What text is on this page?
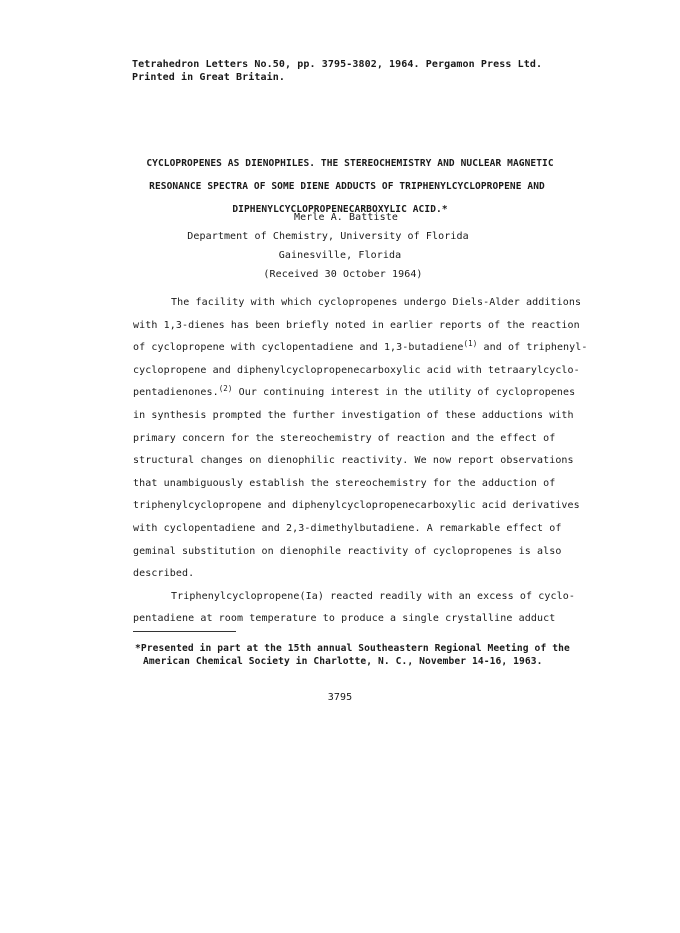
Tetrahedron Letters No.50, pp. 3795-3802, 1964. Pergamon Press Ltd.
Printed in Great Britain.
CYCLOPROPENES AS DIENOPHILES. THE STEREOCHEMISTRY AND NUCLEAR MAGNETIC
RESONANCE SPECTRA OF SOME DIENE ADDUCTS OF TRIPHENYLCYCLOPROPENE AND
DIPHENYLCYCLOPROPENECARBOXYLIC ACID.*
Merle A. Battiste
Department of Chemistry, University of Florida
Gainesville, Florida
(Received 30 October 1964)
The facility with which cyclopropenes undergo Diels-Alder additions
with 1,3-dienes has been briefly noted in earlier reports of the reaction
of cyclopropene with cyclopentadiene and 1,3-butadiene$^{(1)}$ and of triphenyl-
cyclopropene and diphenylcyclopropenecarboxylic acid with tetraarylcyclo-
pentadienones.$^{(2)}$ Our continuing interest in the utility of cyclopropenes
in synthesis prompted the further investigation of these adductions with
primary concern for the stereochemistry of reaction and the effect of
structural changes on dienophilic reactivity. We now report observations
that unambiguously establish the stereochemistry for the adduction of
triphenylcyclopropene and diphenylcyclopropenecarboxylic acid derivatives
with cyclopentadiene and 2,3-dimethylbutadiene. A remarkable effect of
geminal substitution on dienophile reactivity of cyclopropenes is also
described.
Triphenylcyclopropene(Ia) reacted readily with an excess of cyclo-
pentadiene at room temperature to produce a single crystalline adduct
*Presented in part at the 15th annual Southeastern Regional Meeting of the
American Chemical Society in Charlotte, N. C., November 14-16, 1963.
3795
